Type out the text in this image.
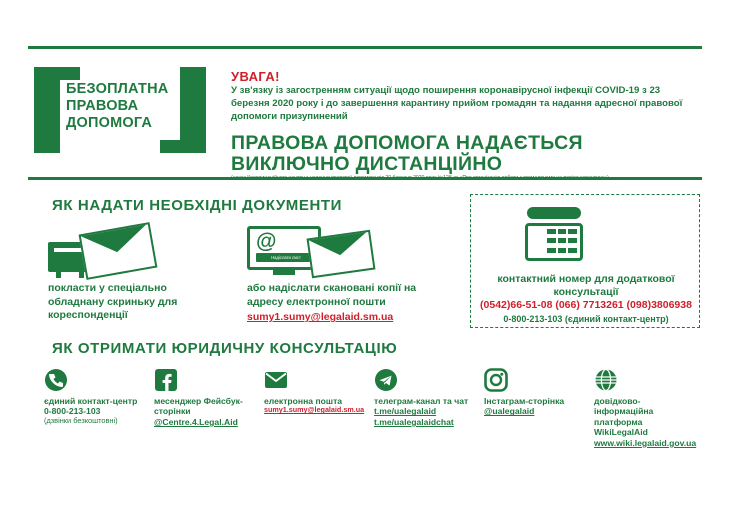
БЕЗОПЛАТНА
ПРАВОВА
ДОПОМОГА
УВАГА!
У зв'язку із загостренням ситуації щодо поширення коронавірусної інфекції COVID-19 з 23 березня 2020 року і до завершення карантину прийом громадян та надання адресної правової допомоги призупинений
ПРАВОВА ДОПОМОГА НАДАЄТЬСЯ
ВИКЛЮЧНО ДИСТАНЦІЙНО
(наказ Координаційного центру з надання правової допомоги від 20 березня 2020 року №128-аг «Про організацію роботи з громадянами на період карантину»)
ЯК НАДАТИ НЕОБХІДНІ ДОКУМЕНТИ
покласти у спеціально обладнану скриньку для кореспонденції
@
Надіслати лист
або надіслати скановані копії на адресу електронної пошти
sumy1.sumy@legalaid.sm.ua
контактний номер для додаткової консультації
(0542)66-51-08 (066) 7713261 (098)3806938
0-800-213-103 (єдиний контакт-центр)
ЯК ОТРИМАТИ ЮРИДИЧНУ КОНСУЛЬТАЦІЮ
єдиний контакт-центр
0-800-213-103
(дзвінки безкоштовні)
месенджер Фейсбук-сторінки
@Centre.4.Legal.Aid
електронна пошта
sumy1.sumy@legalaid.sm.ua
телеграм-канал та чат
t.me/ualegalaid
t.me/ualegalaidchat
Інстаграм-сторінка
@ualegalaid
довідково-інформаційна платформа WikiLegalAid
www.wiki.legalaid.gov.ua
